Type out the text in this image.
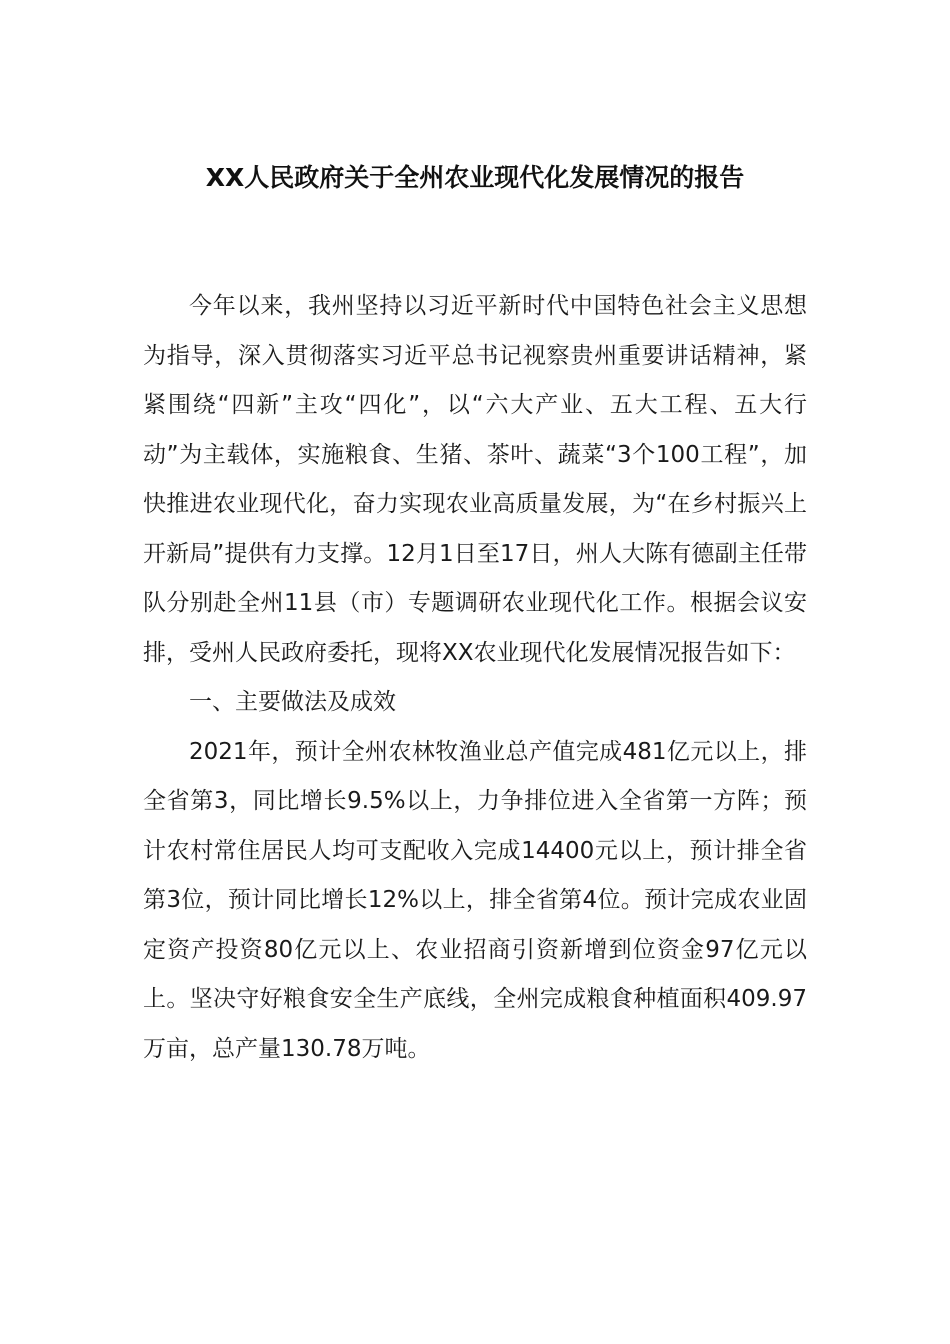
XX人民政府关于全州农业现代化发展情况的报告

今年以来，我州坚持以习近平新时代中国特色社会主义思想为指导，深入贯彻落实习近平总书记视察贵州重要讲话精神，紧紧围绕“四新”主攻“四化”，以“六大产业、五大工程、五大行动”为主载体，实施粮食、生猪、茶叶、蔬菜“3个100工程”，加快推进农业现代化，奋力实现农业高质量发展，为“在乡村振兴上开新局”提供有力支撑。12月1日至17日，州人大陈有德副主任带队分别赴全州11县（市）专题调研农业现代化工作。根据会议安排，受州人民政府委托，现将XX农业现代化发展情况报告如下：

一、主要做法及成效

2021年，预计全州农林牧渔业总产值完成481亿元以上，排全省第3，同比增长9.5%以上，力争排位进入全省第一方阵；预计农村常住居民人均可支配收入完成14400元以上，预计排全省第3位，预计同比增长12%以上，排全省第4位。预计完成农业固定资产投资80亿元以上、农业招商引资新增到位资金97亿元以上。坚决守好粮食安全生产底线，全州完成粮食种植面积409.97万亩，总产量130.78万吨。
